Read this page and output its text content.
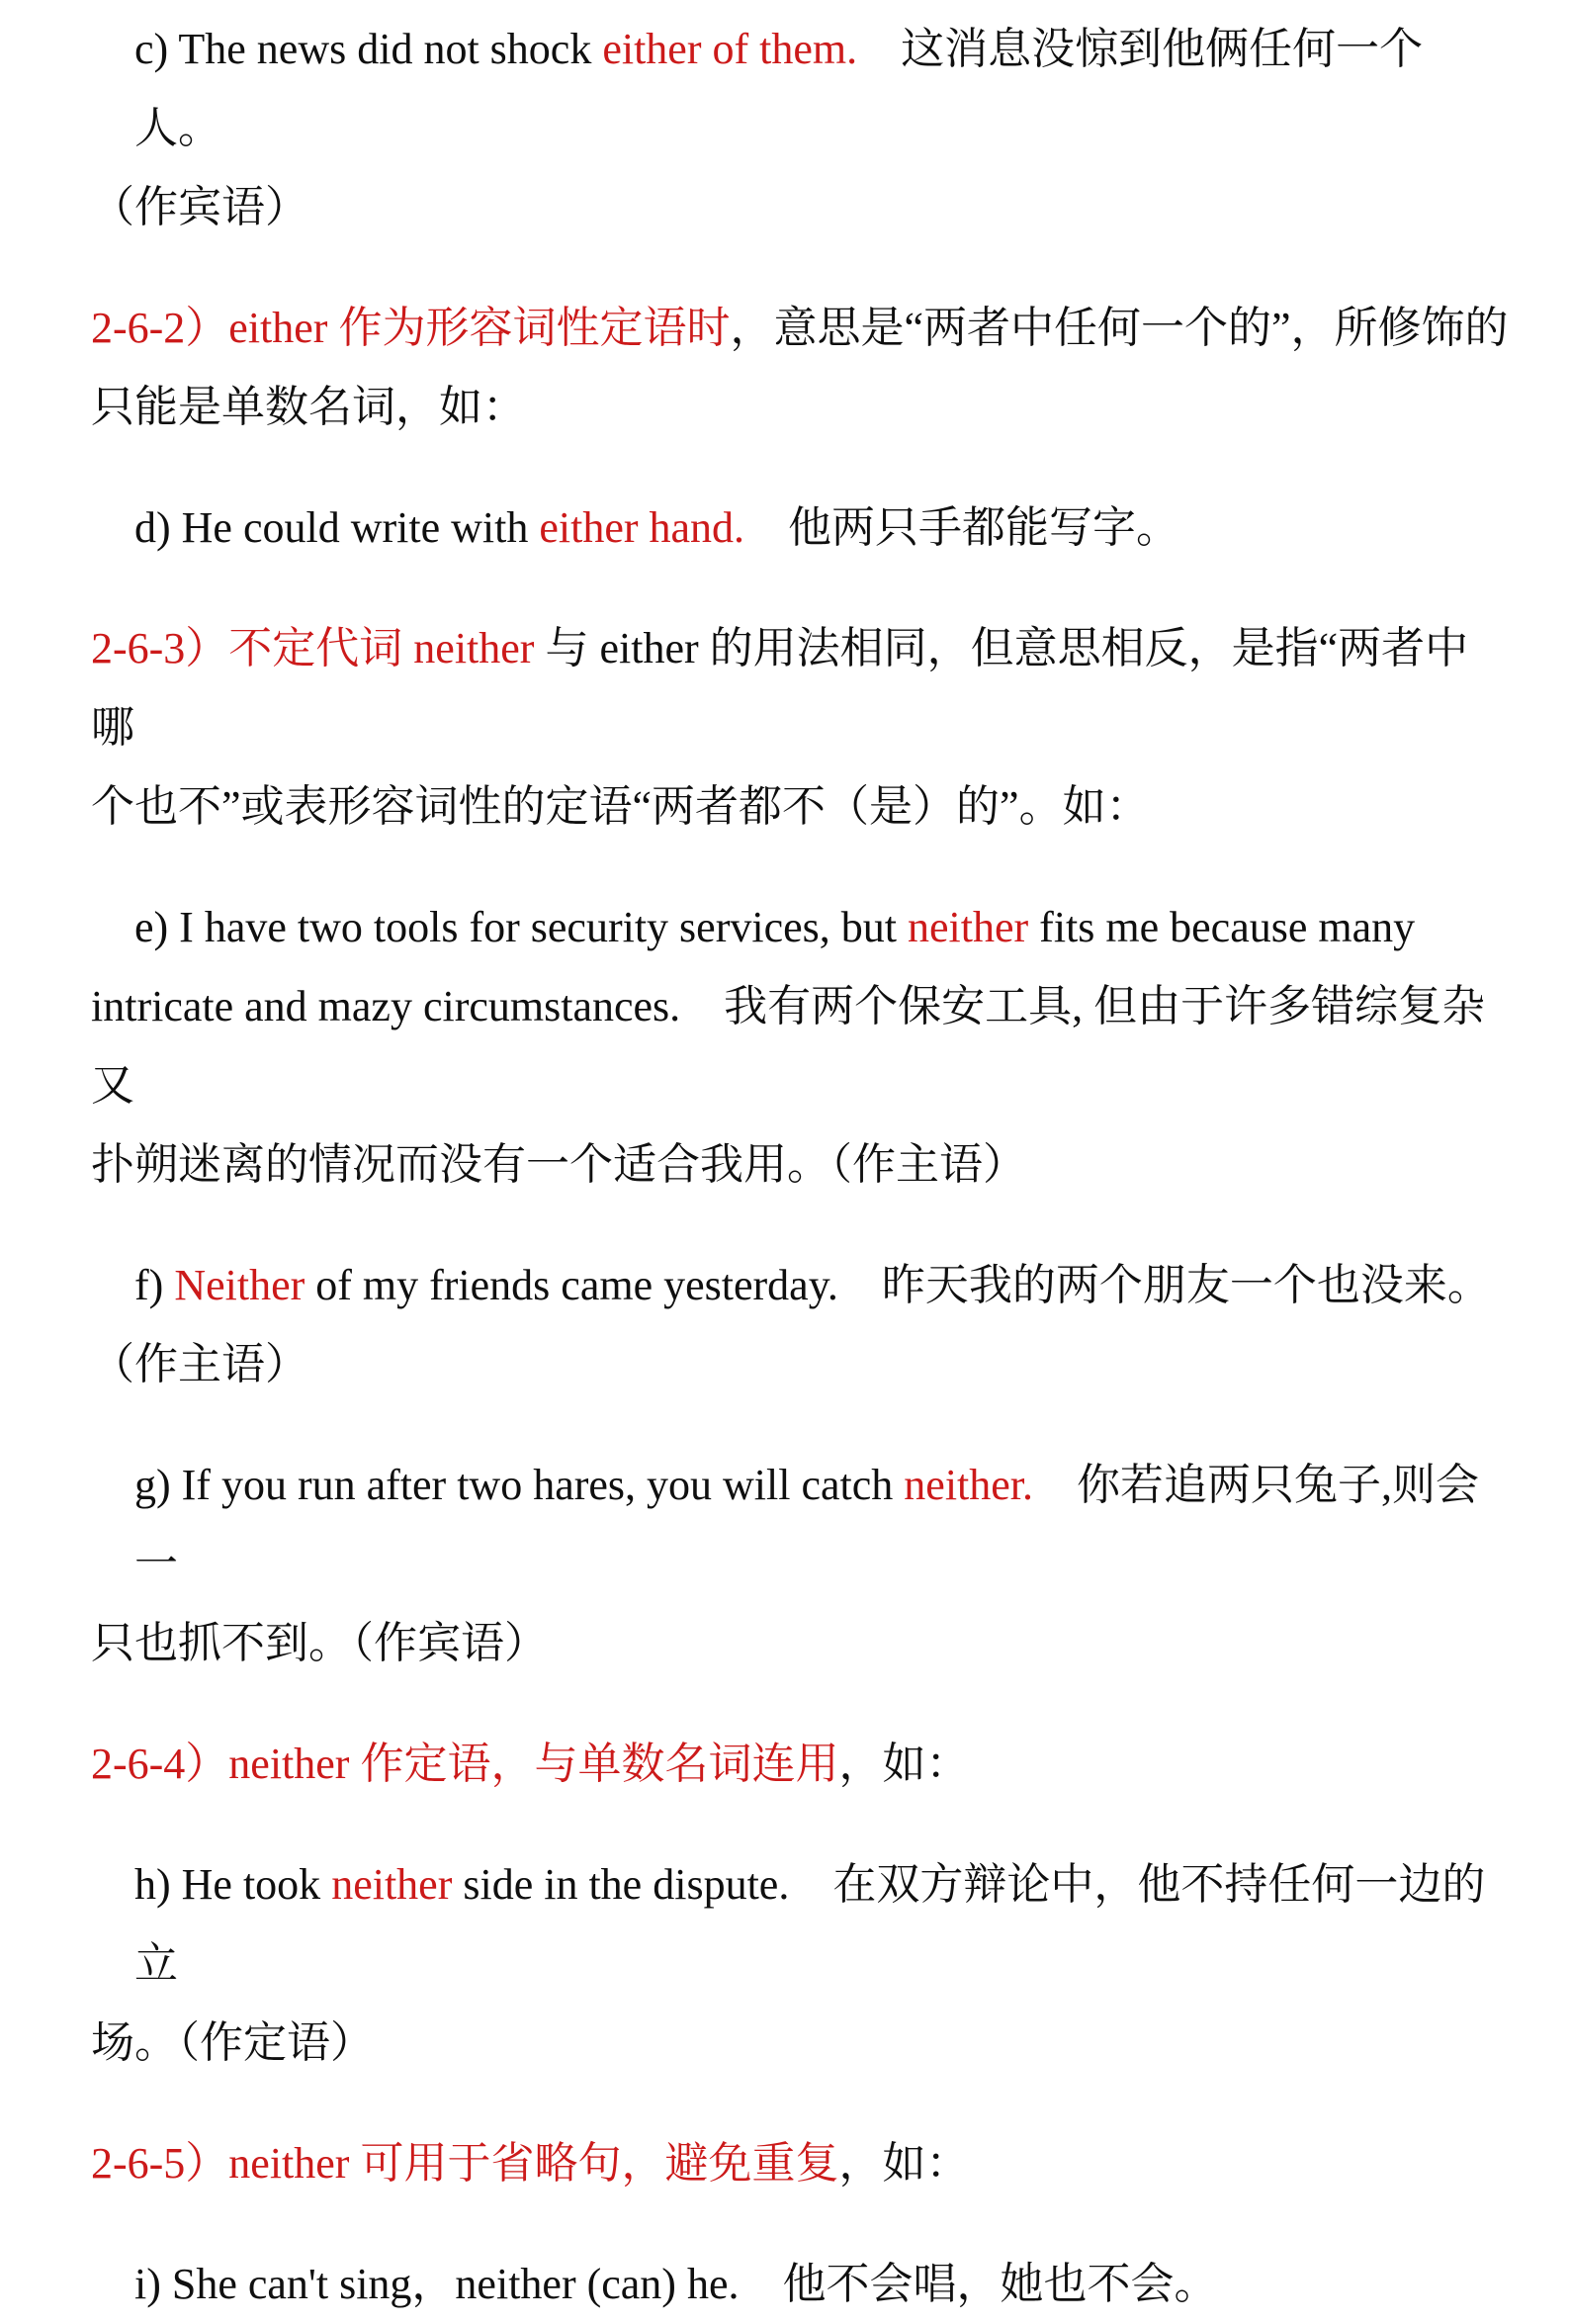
c) The news did not shock either of them.　这消息没惊到他俩任何一个人。
（作宾语）
2-6-2）either 作为形容词性定语时，意思是“两者中任何一个的”，所修饰的
只能是单数名词，如：
d) He could write with either hand.　他两只手都能写字。
2-6-3）不定代词 neither 与 either 的用法相同，但意思相反，是指“两者中哪
个也不”或表形容词性的定语“两者都不（是）的”。如：
e) I have two tools for security services, but neither fits me because many
intricate and mazy circumstances.　我有两个保安工具, 但由于许多错综复杂又
扑朔迷离的情况而没有一个适合我用。（作主语）
f) Neither of my friends came yesterday.　昨天我的两个朋友一个也没来。
（作主语）
g) If you run after two hares, you will catch neither.　你若追两只兔子,则会一
只也抓不到。（作宾语）
2-6-4）neither 作定语，与单数名词连用，如：
h) He took neither side in the dispute.　在双方辩论中，他不持任何一边的立
场。（作定语）
2-6-5）neither 可用于省略句，避免重复，如：
i) She can't sing，neither (can) he.　他不会唱，她也不会。
